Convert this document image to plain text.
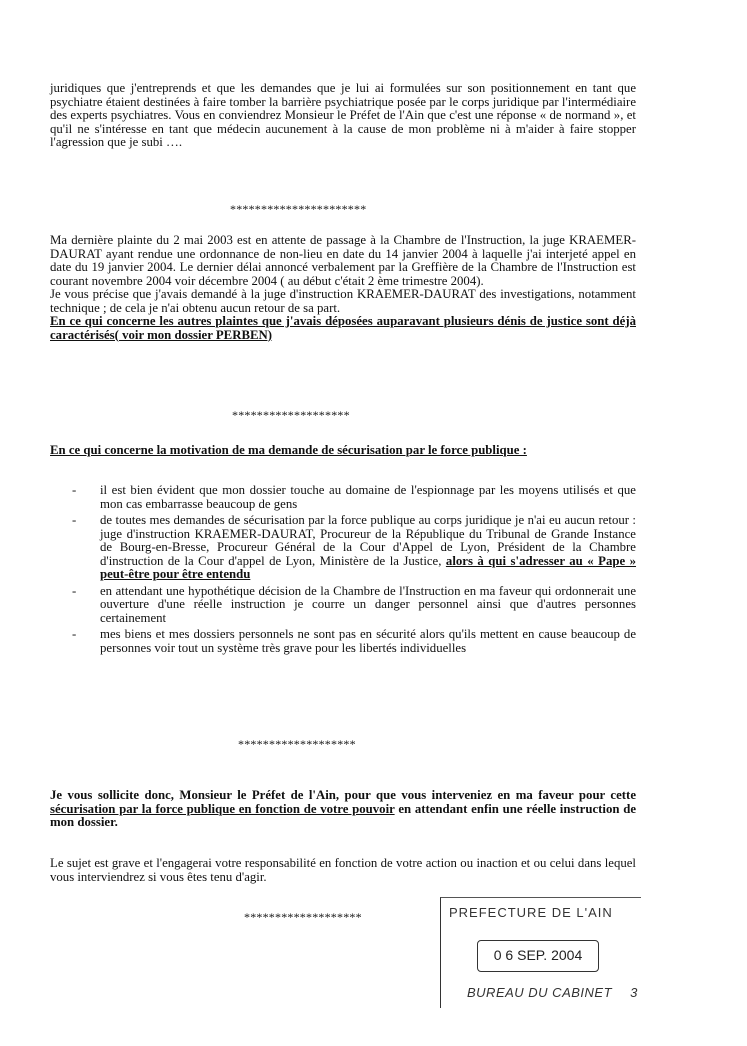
juridiques que j'entreprends et que les demandes que je lui ai formulées sur son positionnement en tant que psychiatre étaient destinées à faire tomber la barrière psychiatrique posée par le corps juridique par l'intermédiaire des experts psychiatres. Vous en conviendrez Monsieur le Préfet de l'Ain que c'est une réponse « de normand », et qu'il ne s'intéresse en tant que médecin aucunement à la cause de mon problème ni à m'aider à faire stopper l'agression que je subi ….
**********************
Ma dernière plainte du 2 mai 2003 est en attente de passage à la Chambre de l'Instruction, la juge KRAEMER-DAURAT ayant rendue une ordonnance de non-lieu en date du 14 janvier 2004 à laquelle j'ai interjeté appel en date du 19 janvier 2004. Le dernier délai annoncé verbalement par la Greffière de la Chambre de l'Instruction est courant novembre 2004 voir décembre 2004 ( au début c'était 2 ème trimestre 2004).
Je vous précise que j'avais demandé à la juge d'instruction KRAEMER-DAURAT des investigations, notamment technique ; de cela je n'ai obtenu aucun retour de sa part.
En ce qui concerne les autres plaintes que j'avais déposées auparavant plusieurs dénis de justice sont déjà caractérisés( voir mon dossier PERBEN)
*******************
En ce qui concerne la motivation de ma demande de sécurisation par le force publique :
- il est bien évident que mon dossier touche au domaine de l'espionnage par les moyens utilisés et que mon cas embarrasse beaucoup de gens
- de toutes mes demandes de sécurisation par la force publique au corps juridique je n'ai eu aucun retour : juge d'instruction KRAEMER-DAURAT, Procureur de la République du Tribunal de Grande Instance de Bourg-en-Bresse, Procureur Général de la Cour d'Appel de Lyon, Président de la Chambre d'instruction de la Cour d'appel de Lyon, Ministère de la Justice, alors à qui s'adresser au « Pape » peut-être pour être entendu
- en attendant une hypothétique décision de la Chambre de l'Instruction en ma faveur qui ordonnerait une ouverture d'une réelle instruction je courre un danger personnel ainsi que d'autres personnes certainement
- mes biens et mes dossiers personnels ne sont pas en sécurité alors qu'ils mettent en cause beaucoup de personnes voir tout un système très grave pour les libertés individuelles
*******************
Je vous sollicite donc, Monsieur le Préfet de l'Ain, pour que vous interveniez en ma faveur pour cette sécurisation par la force publique en fonction de votre pouvoir en attendant enfin une réelle instruction de mon dossier.
Le sujet est grave et l'engagerai votre responsabilité en fonction de votre action ou inaction et ou celui dans lequel vous interviendrez si vous êtes tenu d'agir.
*******************	PREFECTURE DE L'AIN
0 6 SEP. 2004
BUREAU DU CABINET 3
